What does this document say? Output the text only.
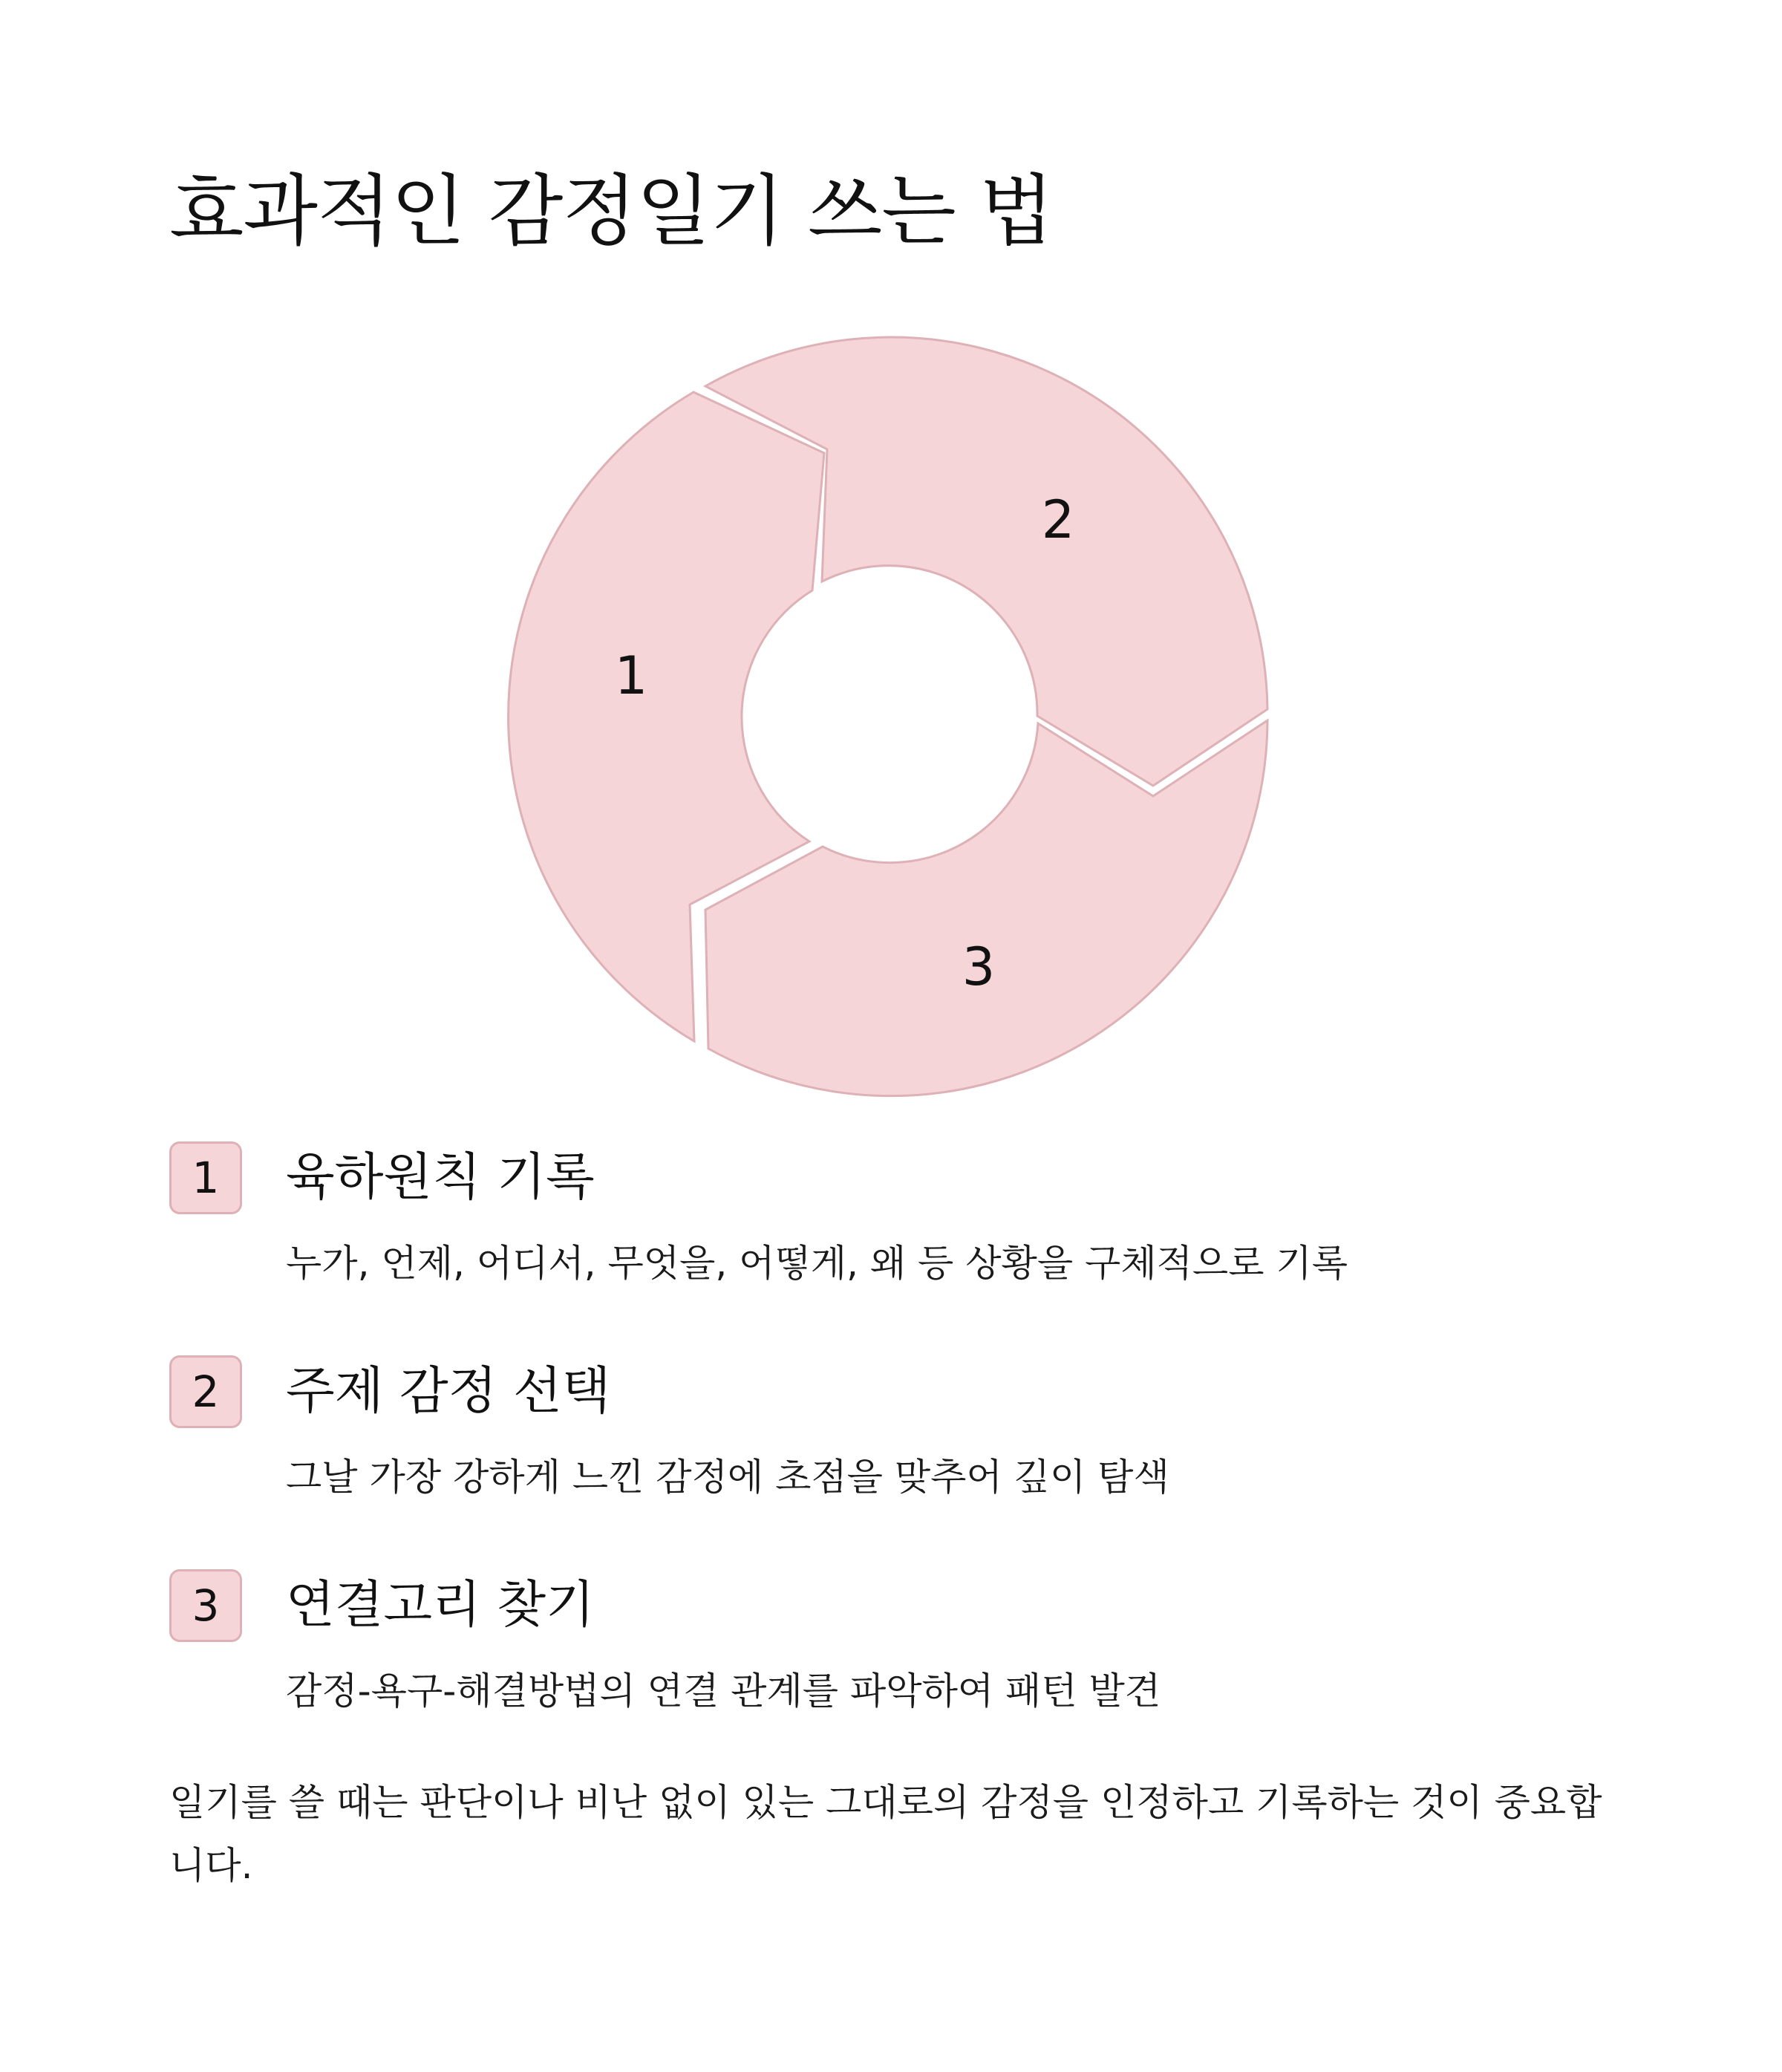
효과적인 감정일기 쓰는 법
1
2
3
1	육하원칙 기록
누가, 언제, 어디서, 무엇을, 어떻게, 왜 등 상황을 구체적으로 기록
2	주제 감정 선택
그날 가장 강하게 느낀 감정에 초점을 맞추어 깊이 탐색
3	연결고리 찾기
감정-욕구-해결방법의 연결 관계를 파악하여 패턴 발견

일기를 쓸 때는 판단이나 비난 없이 있는 그대로의 감정을 인정하고 기록하는 것이 중요합니다.
